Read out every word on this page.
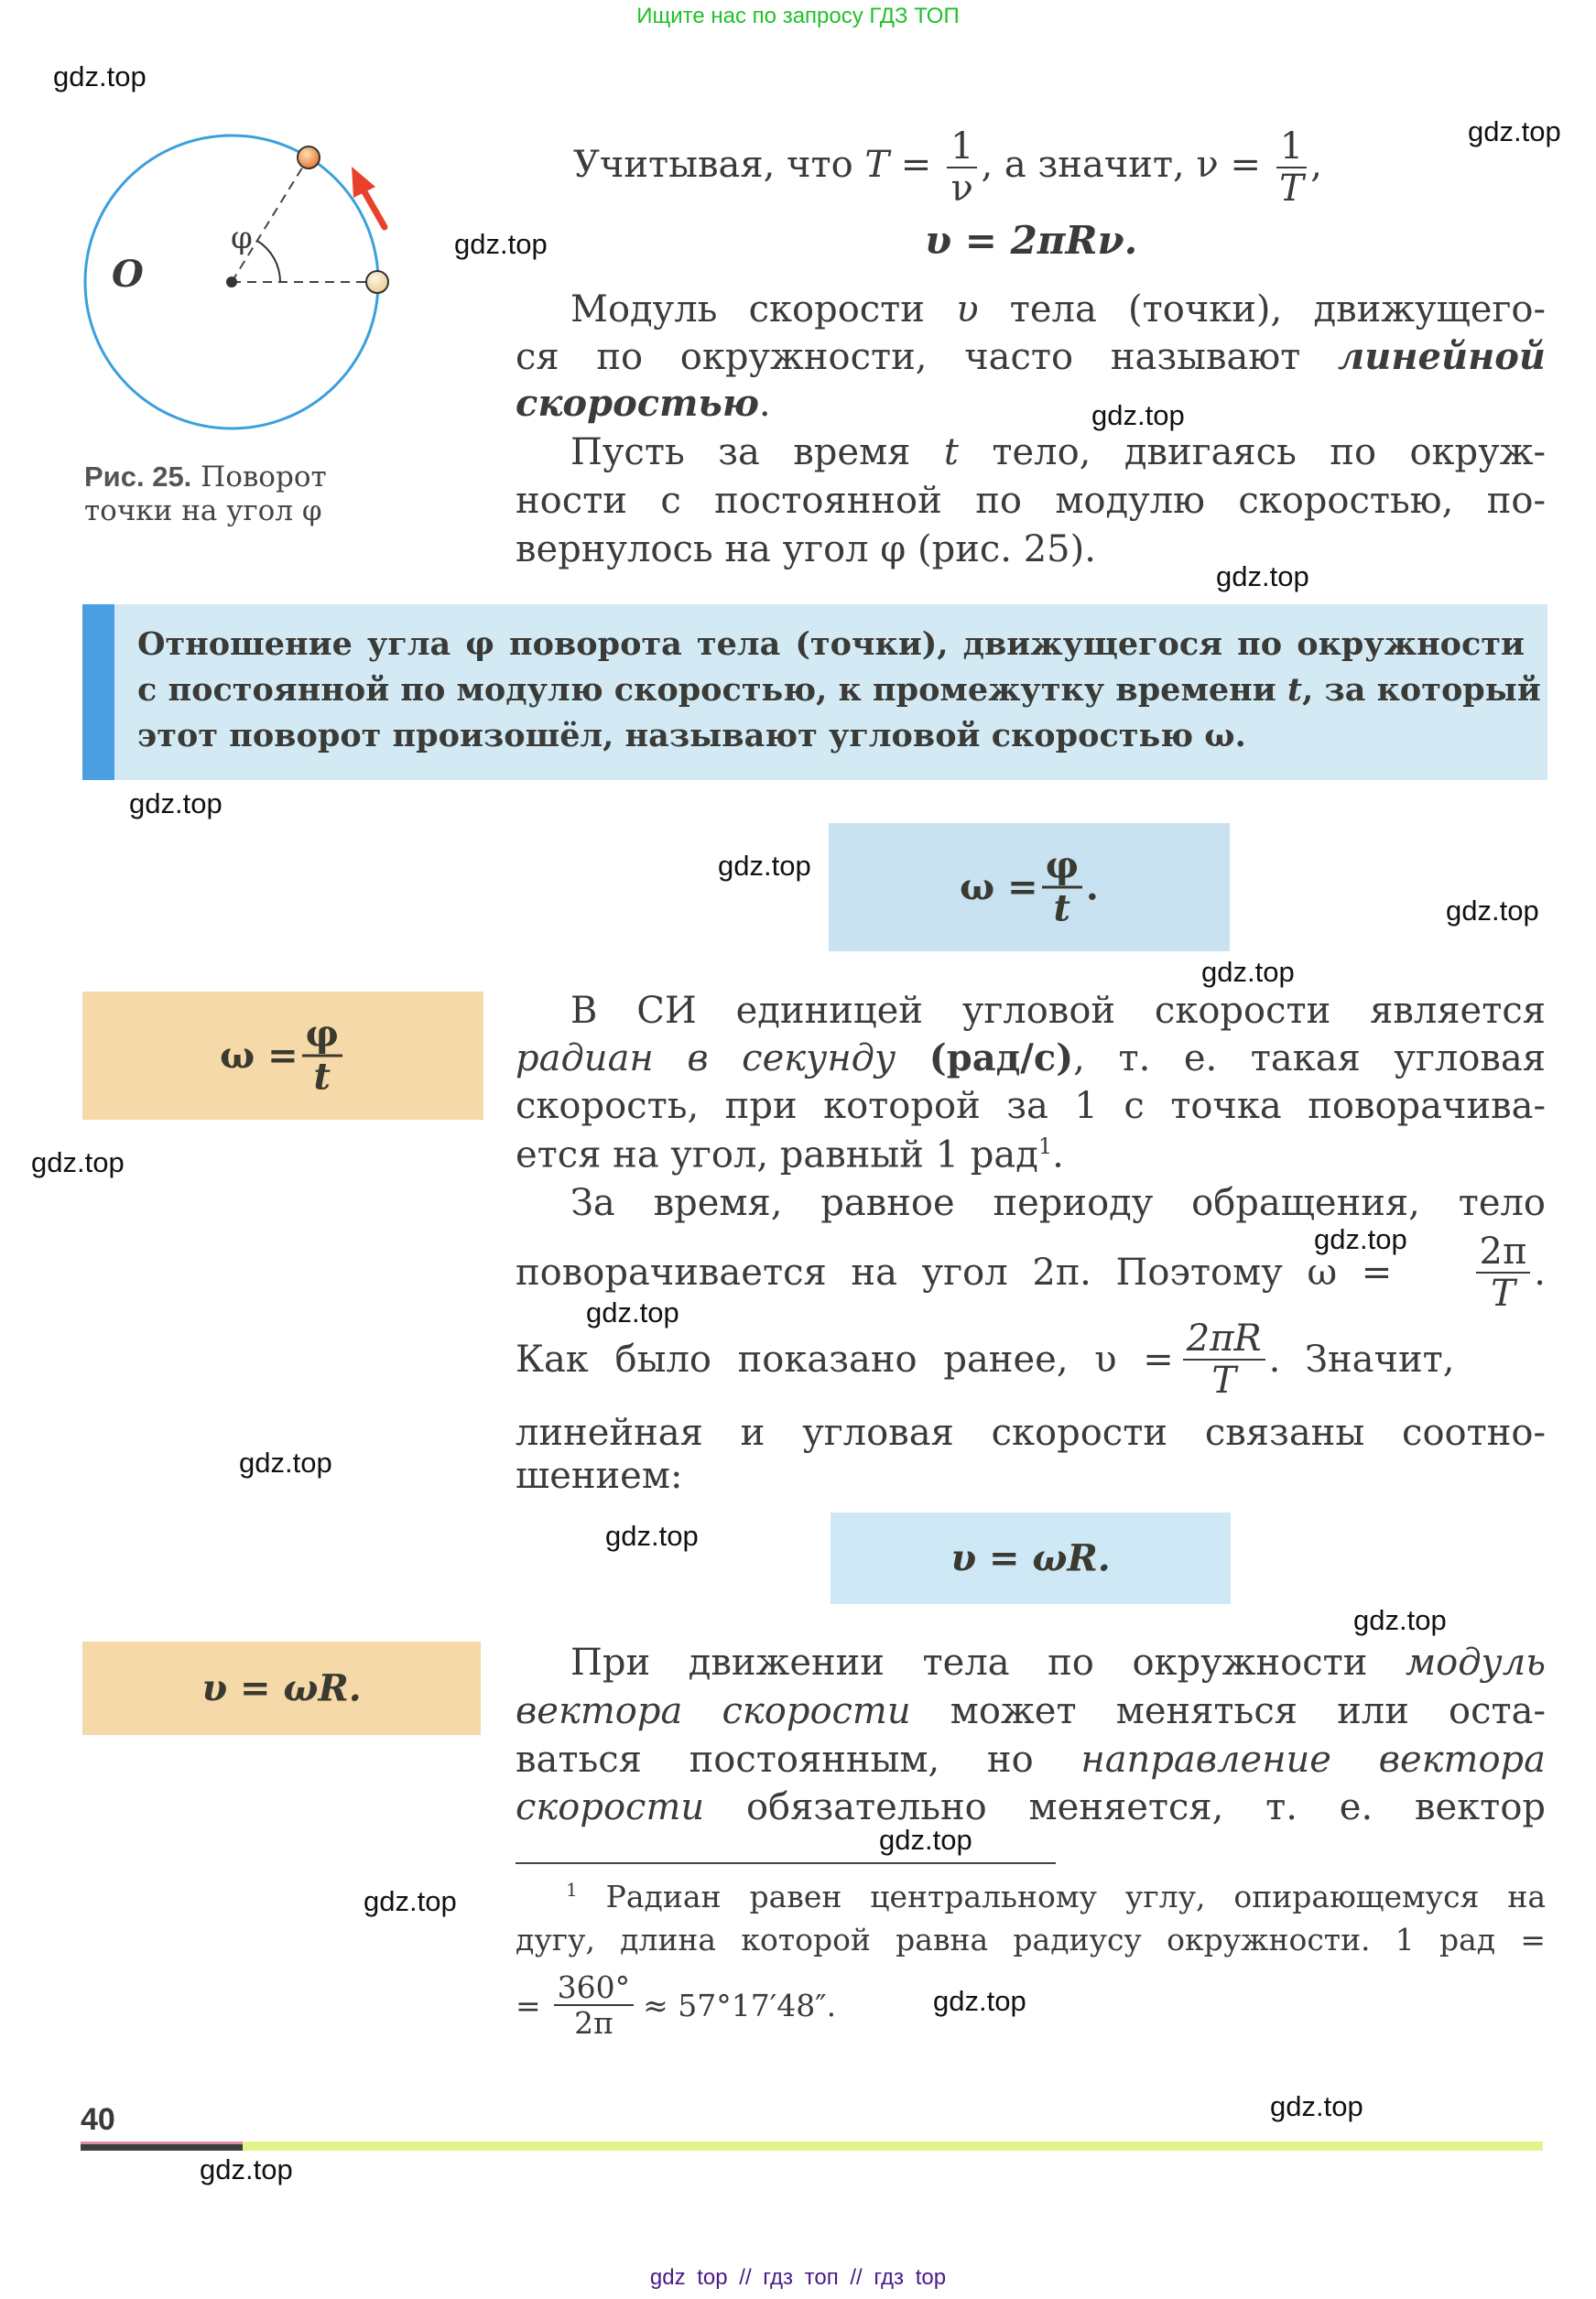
Ищите нас по запросу ГДЗ ТОП
O
φ
Рис. 25. Поворот
точки на угол φ
Учитывая, что $T = \frac{1}{\nu}$ , а значит, $\nu = \frac{1}{T}$ ,
υ = 2πRν.
Модуль скорости υ тела (точки), движущего-
ся по окружности, часто называют линейной
скоростью.
Пусть за время t тело, двигаясь по окруж-
ности с постоянной по модулю скоростью, по-
вернулось на угол φ (рис. 25).
Отношение угла φ поворота тела (точки), движущегося по окружности
с постоянной по модулю скоростью, к промежутку времени t, за который
этот поворот произошёл, называют угловой скоростью ω.
$\omega = \frac{\varphi}{t}$ .
$\omega = \frac{\varphi}{t}$
В СИ единицей угловой скорости является
радиан в секунду (рад/с), т. е. такая угловая
скорость, при которой за 1 с точка поворачива-
ется на угол, равный 1 рад$^1$.
За время, равное периоду обращения, тело
поворачивается на угол 2π. Поэтому $\omega = \frac{2\pi}{T}$ .
Как было показано ранее, $\upsilon = \frac{2\pi R}{T}$ . Значит,
линейная и угловая скорости связаны соотно-
шением:
υ = ωR.
υ = ωR.
При движении тела по окружности модуль
вектора скорости может меняться или оста-
ваться постоянным, но направление вектора
скорости обязательно меняется, т. е. вектор
$^1$ Радиан равен центральному углу, опирающемуся на
дугу, длина которой равна радиусу окружности. 1 рад =
= $\frac{360^\circ}{2\pi} \approx 57^\circ 17'48''$.
40
gdz top // гдз топ // гдз top
gdz.top
gdz.top
gdz.top
gdz.top
gdz.top
gdz.top
gdz.top
gdz.top
gdz.top
gdz.top
gdz.top
gdz.top
gdz.top
gdz.top
gdz.top
gdz.top
gdz.top
gdz.top
gdz.top
gdz.top
